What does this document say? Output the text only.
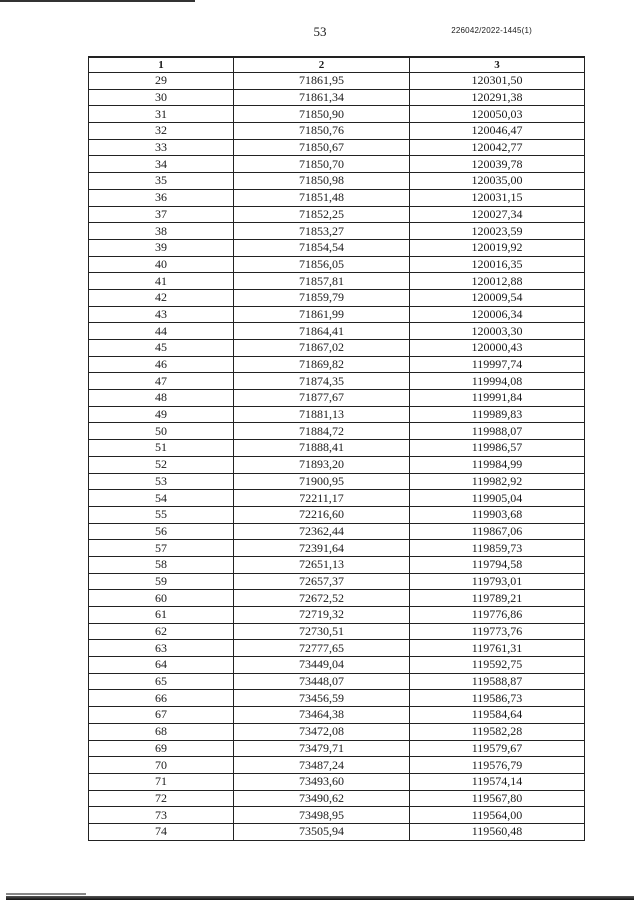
53	226042/2022-1445(1)
1	2	3
29	71861,95	120301,50
30	71861,34	120291,38
31	71850,90	120050,03
32	71850,76	120046,47
33	71850,67	120042,77
34	71850,70	120039,78
35	71850,98	120035,00
36	71851,48	120031,15
37	71852,25	120027,34
38	71853,27	120023,59
39	71854,54	120019,92
40	71856,05	120016,35
41	71857,81	120012,88
42	71859,79	120009,54
43	71861,99	120006,34
44	71864,41	120003,30
45	71867,02	120000,43
46	71869,82	119997,74
47	71874,35	119994,08
48	71877,67	119991,84
49	71881,13	119989,83
50	71884,72	119988,07
51	71888,41	119986,57
52	71893,20	119984,99
53	71900,95	119982,92
54	72211,17	119905,04
55	72216,60	119903,68
56	72362,44	119867,06
57	72391,64	119859,73
58	72651,13	119794,58
59	72657,37	119793,01
60	72672,52	119789,21
61	72719,32	119776,86
62	72730,51	119773,76
63	72777,65	119761,31
64	73449,04	119592,75
65	73448,07	119588,87
66	73456,59	119586,73
67	73464,38	119584,64
68	73472,08	119582,28
69	73479,71	119579,67
70	73487,24	119576,79
71	73493,60	119574,14
72	73490,62	119567,80
73	73498,95	119564,00
74	73505,94	119560,48
